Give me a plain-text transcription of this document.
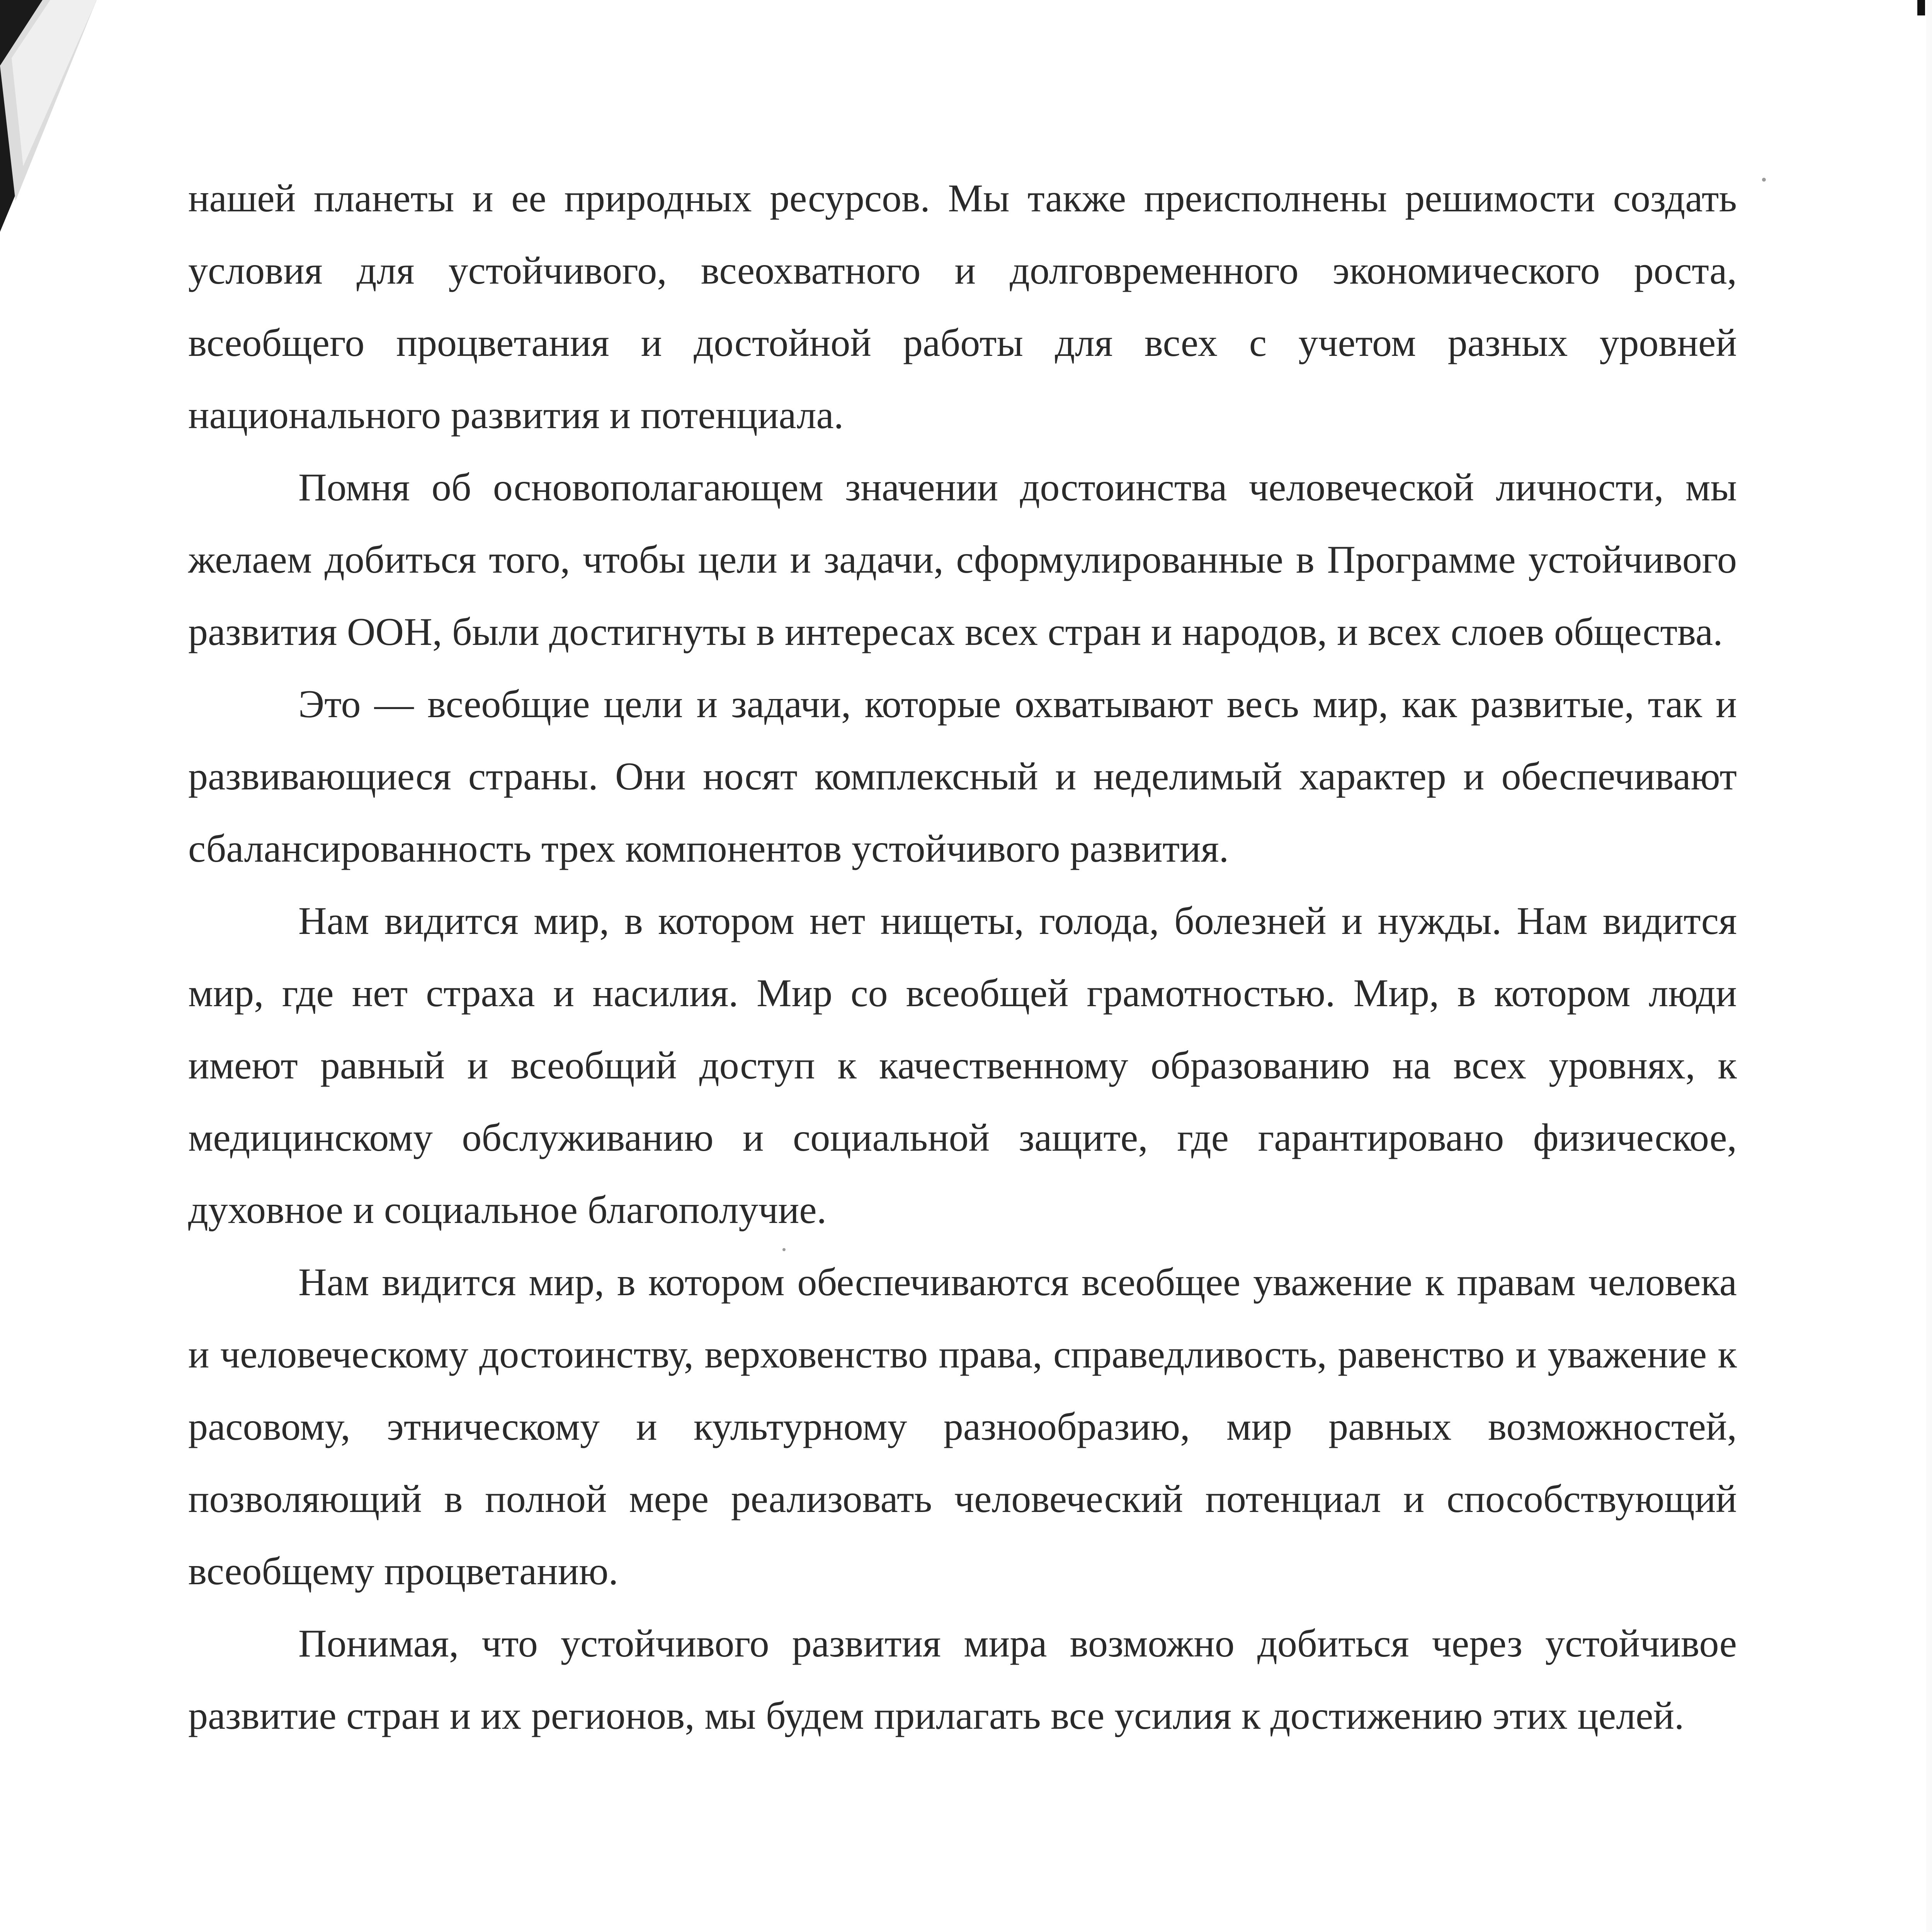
нашей планеты и ее природных ресурсов. Мы также преисполнены решимости создать условия для устойчивого, всеохватного и долговременного экономического роста, всеобщего процветания и достойной работы для всех с учетом разных уровней национального развития и потенциала.

Помня об основополагающем значении достоинства человеческой личности, мы желаем добиться того, чтобы цели и задачи, сформулированные в Программе устойчивого развития ООН, были достигнуты в интересах всех стран и народов, и всех слоев общества.

Это — всеобщие цели и задачи, которые охватывают весь мир, как развитые, так и развивающиеся страны. Они носят комплексный и неделимый характер и обеспечивают сбалансированность трех компонентов устойчивого развития.

Нам видится мир, в котором нет нищеты, голода, болезней и нужды. Нам видится мир, где нет страха и насилия. Мир со всеобщей грамотностью. Мир, в котором люди имеют равный и всеобщий доступ к качественному образованию на всех уровнях, к медицинскому обслуживанию и социальной защите, где гарантировано физическое, духовное и социальное благополучие.

Нам видится мир, в котором обеспечиваются всеобщее уважение к правам человека и человеческому достоинству, верховенство права, справедливость, равенство и уважение к расовому, этническому и культурному разнообразию, мир равных возможностей, позволяющий в полной мере реализовать человеческий потенциал и способствующий всеобщему процветанию.

Понимая, что устойчивого развития мира возможно добиться через устойчивое развитие стран и их регионов, мы будем прилагать все усилия к достижению этих целей.
